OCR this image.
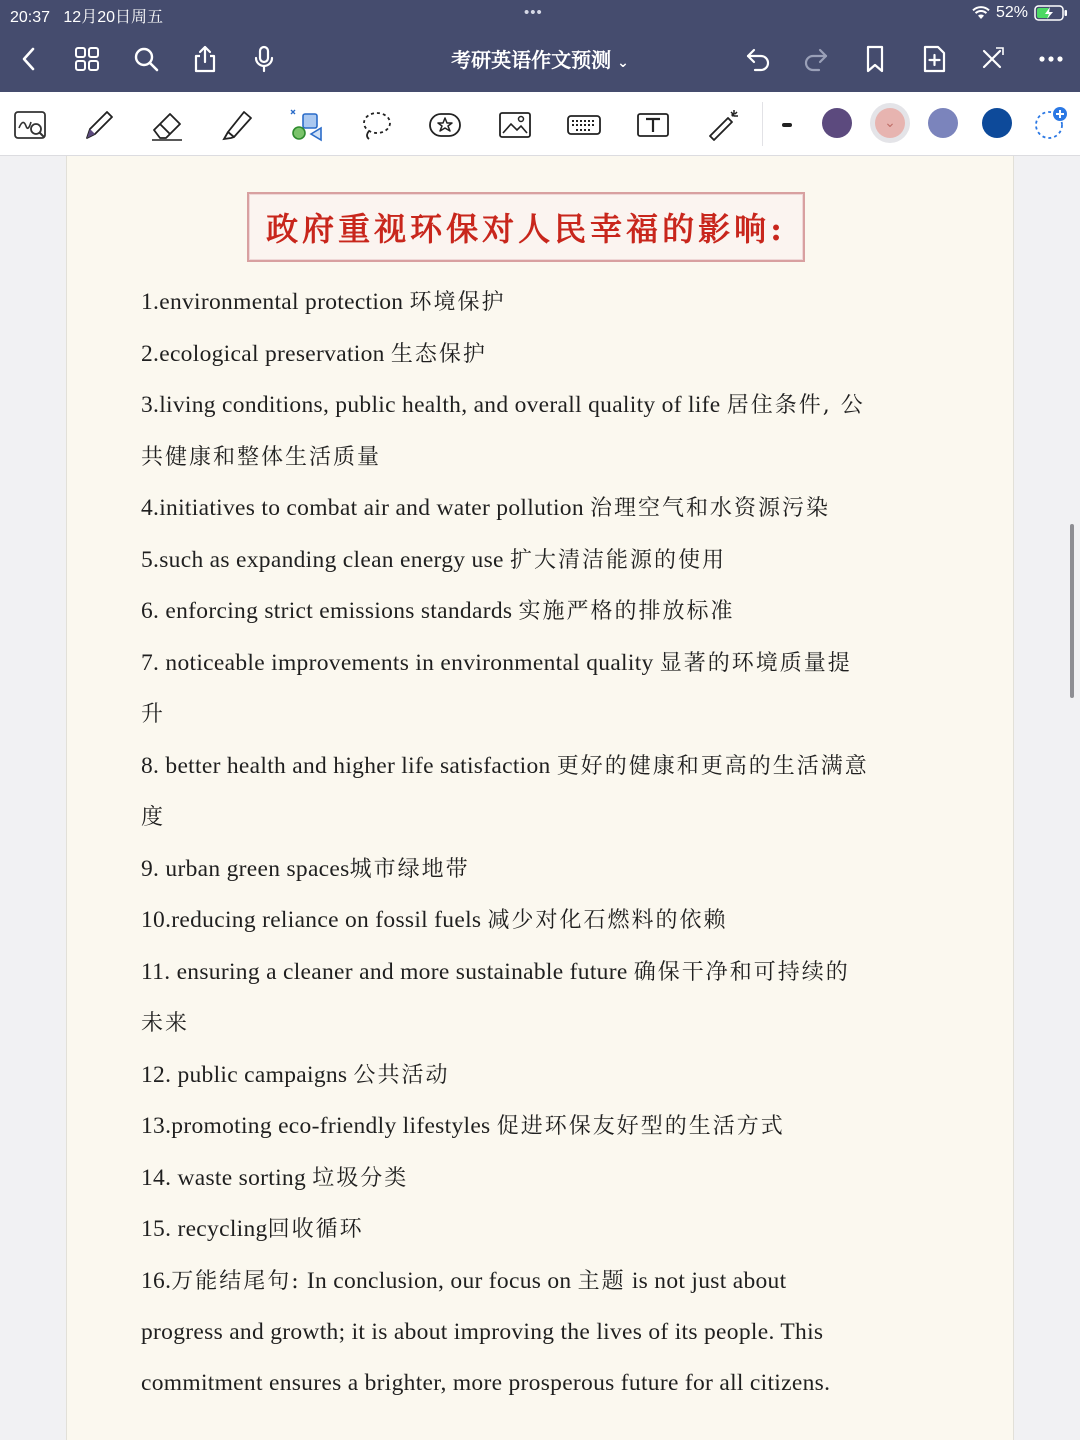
20:37 12月20日周五	•••	52%
考研英语作文预测 ⌄
⌄
政府重视环保对人民幸福的影响:
1.environmental protection 环境保护
2.ecological preservation 生态保护
3.living conditions, public health, and overall quality of life 居住条件, 公
共健康和整体生活质量
4.initiatives to combat air and water pollution 治理空气和水资源污染
5.such as expanding clean energy use 扩大清洁能源的使用
6. enforcing strict emissions standards 实施严格的排放标准
7. noticeable improvements in environmental quality 显著的环境质量提
升
8. better health and higher life satisfaction 更好的健康和更高的生活满意
度
9. urban green spaces城市绿地带
10.reducing reliance on fossil fuels 减少对化石燃料的依赖
11. ensuring a cleaner and more sustainable future 确保干净和可持续的
未来
12. public campaigns 公共活动
13.promoting eco-friendly lifestyles 促进环保友好型的生活方式
14. waste sorting 垃圾分类
15. recycling回收循环
16.万能结尾句: In conclusion, our focus on 主题 is not just about
progress and growth; it is about improving the lives of its people. This
commitment ensures a brighter, more prosperous future for all citizens.
